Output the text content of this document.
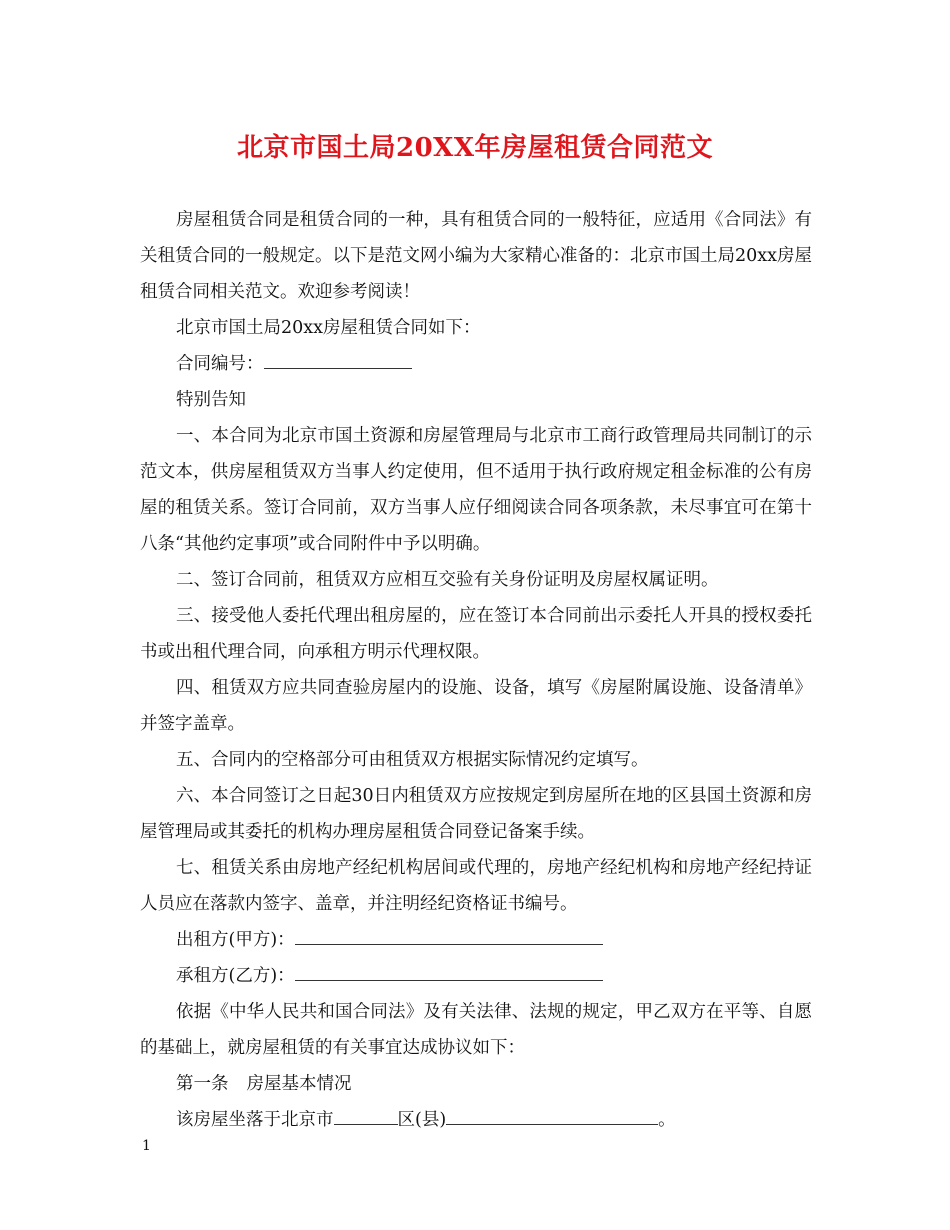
北京市国土局20XX年房屋租赁合同范文

房屋租赁合同是租赁合同的一种，具有租赁合同的一般特征，应适用《合同法》有关租赁合同的一般规定。以下是范文网小编为大家精心准备的：北京市国土局20xx房屋租赁合同相关范文。欢迎参考阅读！

北京市国土局20xx房屋租赁合同如下：

合同编号：

特别告知

一、本合同为北京市国土资源和房屋管理局与北京市工商行政管理局共同制订的示范文本，供房屋租赁双方当事人约定使用，但不适用于执行政府规定租金标准的公有房屋的租赁关系。签订合同前，双方当事人应仔细阅读合同各项条款，未尽事宜可在第十八条“其他约定事项”或合同附件中予以明确。

二、签订合同前，租赁双方应相互交验有关身份证明及房屋权属证明。

三、接受他人委托代理出租房屋的，应在签订本合同前出示委托人开具的授权委托书或出租代理合同，向承租方明示代理权限。

四、租赁双方应共同查验房屋内的设施、设备，填写《房屋附属设施、设备清单》并签字盖章。

五、合同内的空格部分可由租赁双方根据实际情况约定填写。

六、本合同签订之日起30日内租赁双方应按规定到房屋所在地的区县国土资源和房屋管理局或其委托的机构办理房屋租赁合同登记备案手续。

七、租赁关系由房地产经纪机构居间或代理的，房地产经纪机构和房地产经纪持证人员应在落款内签字、盖章，并注明经纪资格证书编号。

出租方(甲方)：

承租方(乙方)：

依据《中华人民共和国合同法》及有关法律、法规的规定，甲乙双方在平等、自愿的基础上，就房屋租赁的有关事宜达成协议如下：

第一条 房屋基本情况

该房屋坐落于北京市	区(县)	。

1
